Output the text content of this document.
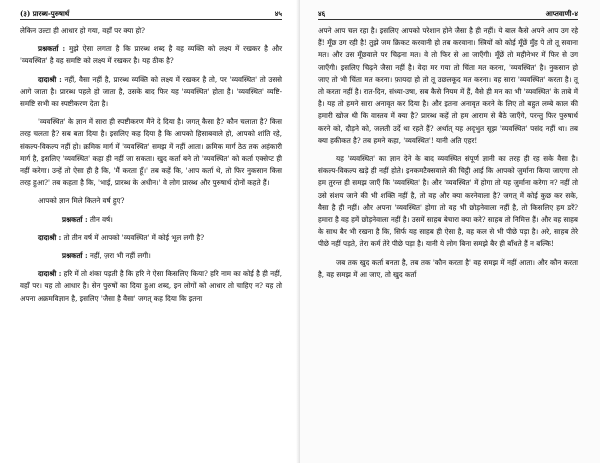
(३) प्रारब्ध-पुरुषार्थ	४५

लेकिन उल्टा ही आधार हो गया, वहाँ पर क्या हो?

प्रश्नकर्ता : मुझे ऐसा लगता है कि प्रारब्ध शब्द है वह व्यक्ति को लक्ष्य में रखकर है और 'व्यवस्थित' है वह समष्टि को लक्ष्य में रखकर है। यह ठीक है?

दादाश्री : नहीं, वैसा नहीं है, प्रारब्ध व्यक्ति को लक्ष्य में रखकर है तो, पर 'व्यवस्थित' तो उससे आगे जाता है। प्रारब्ध पहले हो जाता है, उसके बाद फिर यह 'व्यवस्थित' होता है। 'व्यवस्थित' व्यष्टि-समष्टि सभी का स्पष्टीकरण देता है।

'व्यवस्थित' के ज्ञान में सारा ही स्पष्टीकरण मैंने दे दिया है। जगत् कैसा है? कौन चलाता है? किस तरह चलता है? सब बता दिया है। इसलिए कह दिया है कि आपको हिसाबवाले हो, आपको शांति रहे, संकल्प-विकल्प नहीं हो। क्रमिक मार्ग में 'व्यवस्थित' समझ में नहीं आता। क्रमिक मार्ग ठेठ तक अहंकारी मार्ग है, इसलिए 'व्यवस्थित' कहा ही नहीं जा सकता। खुद कर्ता बने तो 'व्यवस्थित' को कर्ता एक्सेप्ट ही नहीं करेगा। उन्हें तो ऐसा ही है कि, 'मैं करता हूँ।' तब कहें कि, 'आप कर्ता थे, तो फिर नुकसान किस तरह हुआ?' तब कहता है कि, 'भाई, प्रारब्ध के अधीन।' वे लोग प्रारब्ध और पुरुषार्थ दोनों कहते हैं।

आपको ज्ञान मिले कितने वर्ष हुए?

प्रश्नकर्ता : तीन वर्ष।

दादाश्री : तो तीन वर्ष में आपको 'व्यवस्थित' में कोई भूल लगी है?

प्रश्नकर्ता : नहीं, ज़रा भी नहीं लगी।

दादाश्री : हरि में तो शंका पड़ती है कि हरि ने ऐसा किसलिए किया? हरि नाम का कोई है ही नहीं, वहाँ पर। यह तो आधार है। सेन पुरुषों का दिया हुआ शब्द, इन लोगों को आधार तो चाहिए न? यह तो अपना अक्रमविज्ञान है, इसलिए 'जैसा है वैसा' जगत् कह दिया कि इतना

४६	आप्तवाणी-४

अपने आप चल रहा है। इसलिए आपको परेशान होने जैसा है ही नहीं। ये बाल कैसे अपने आप उग रहे हैं! मूँछ उग रही है! तुझे जम क्रिकट करवानी हो तब करवाना। स्त्रियों को कोई मूँछें मुँह पे तो तू सवाना मत। और उस मूँछवाले पर चिढ़ना मत। वे तो फिर से आ जाएँगी। मूँछें तो महीनेभर में फिर से उग जाएँगी। इसलिए चिढ़ने जैसा नहीं है। वेदा मर गया तो चिंता मत करना, 'व्यवस्थित' है। नुकसान हो जाए तो भी चिंता मत करना। फ़ायदा हो तो तू उछलकूद मत करना। वह सारा 'व्यवस्थित' करता है। तू तो करता नहीं है। रात-दिन, संध्या-उषा, सब कैसे नियम में हैं, वैसे ही मन का भी 'व्यवस्थित' के ताबे में है। यह तो हमने सारा अनावृत कर दिया है। और इतना अनावृत करने के लिए तो बहुत लम्बे काल की हमारी खोज थी कि वास्तव में क्या है? प्रारब्ध कहें तो हम आराम से बैठे जाएँगे, परन्तु फिर पुरुषार्थ करने को, दौड़ने को, जलती उर्दे था रहते हैं? अर्थात् यह अदृभुत सूझ 'व्यवस्थित' पसंद नहीं था। तब क्या हकीकत है? तब हमने कहा, 'व्यवस्थित'! यानी अति एहर!

यह 'व्यवस्थित' का ज्ञान देने के बाद व्यवस्थित संपूर्ण ज्ञानी का तरह ही रह सके वैसा है। संकल्प-विकल्प खड़े ही नहीं होते। इनकमटैक्सवाले की चिट्ठी आई कि आपको जुर्माना किया जाएगा तो हम तुरन्त ही समझ जाएँ कि 'व्यवस्थित' है। और 'व्यवस्थित' में होगा तो यह जुर्माना करेगा न? नहीं तो उसे संशय जाने की भी शक्ति नहीं है, तो वह और क्या करनेवाला है? जगत् में कोई कुछ कर सके, वैसा है ही नहीं। और अपना 'व्यवस्थित' होगा तो वह भी छोड़नेवाला नहीं है, तो किसलिए हम डरें? हमारा है वह हमें छोड़नेवाला नहीं है। उसमें साहब बेचारा क्या करे? साहब तो निमित्त हैं। और वह साहब के साथ बैर भी रखना है कि, सिर्फ यह साहब ही ऐसा है, वह कल से भी पीछे पड़ा है। अरे, साहब तेरे पीछे नहीं पड़ते, तेरा कर्म तेरे पीछे पड़ा है। यानी ये लोग बिना समझे बैर ही बाँधते हैं न बल्कि!

जब तक खुद कर्ता बनता है, तब तक 'कौन करता है' वह समझ में नहीं आता। और कौन करता है, वह समझ में आ जाए, तो खुद कर्ता
